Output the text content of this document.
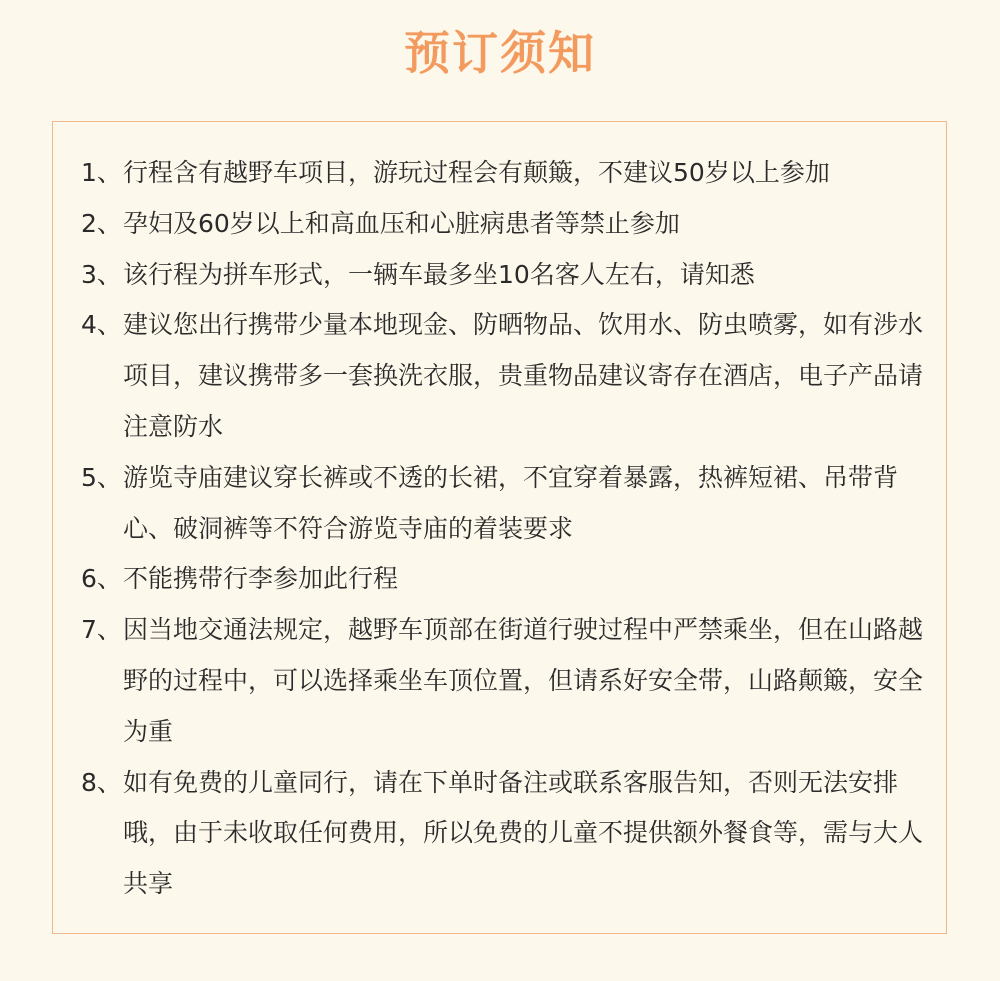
预订须知
1、 行程含有越野车项目，游玩过程会有颠簸，不建议50岁以上参加
2、 孕妇及60岁以上和高血压和心脏病患者等禁止参加
3、 该行程为拼车形式，一辆车最多坐10名客人左右，请知悉
4、 建议您出行携带少量本地现金、防晒物品、饮用水、防虫喷雾，如有涉水项目，建议携带多一套换洗衣服，贵重物品建议寄存在酒店，电子产品请注意防水
5、 游览寺庙建议穿长裤或不透的长裙，不宜穿着暴露，热裤短裙、吊带背心、破洞裤等不符合游览寺庙的着装要求
6、 不能携带行李参加此行程
7、 因当地交通法规定，越野车顶部在街道行驶过程中严禁乘坐，但在山路越野的过程中，可以选择乘坐车顶位置，但请系好安全带，山路颠簸，安全为重
8、 如有免费的儿童同行，请在下单时备注或联系客服告知，否则无法安排哦，由于未收取任何费用，所以免费的儿童不提供额外餐食等，需与大人共享
